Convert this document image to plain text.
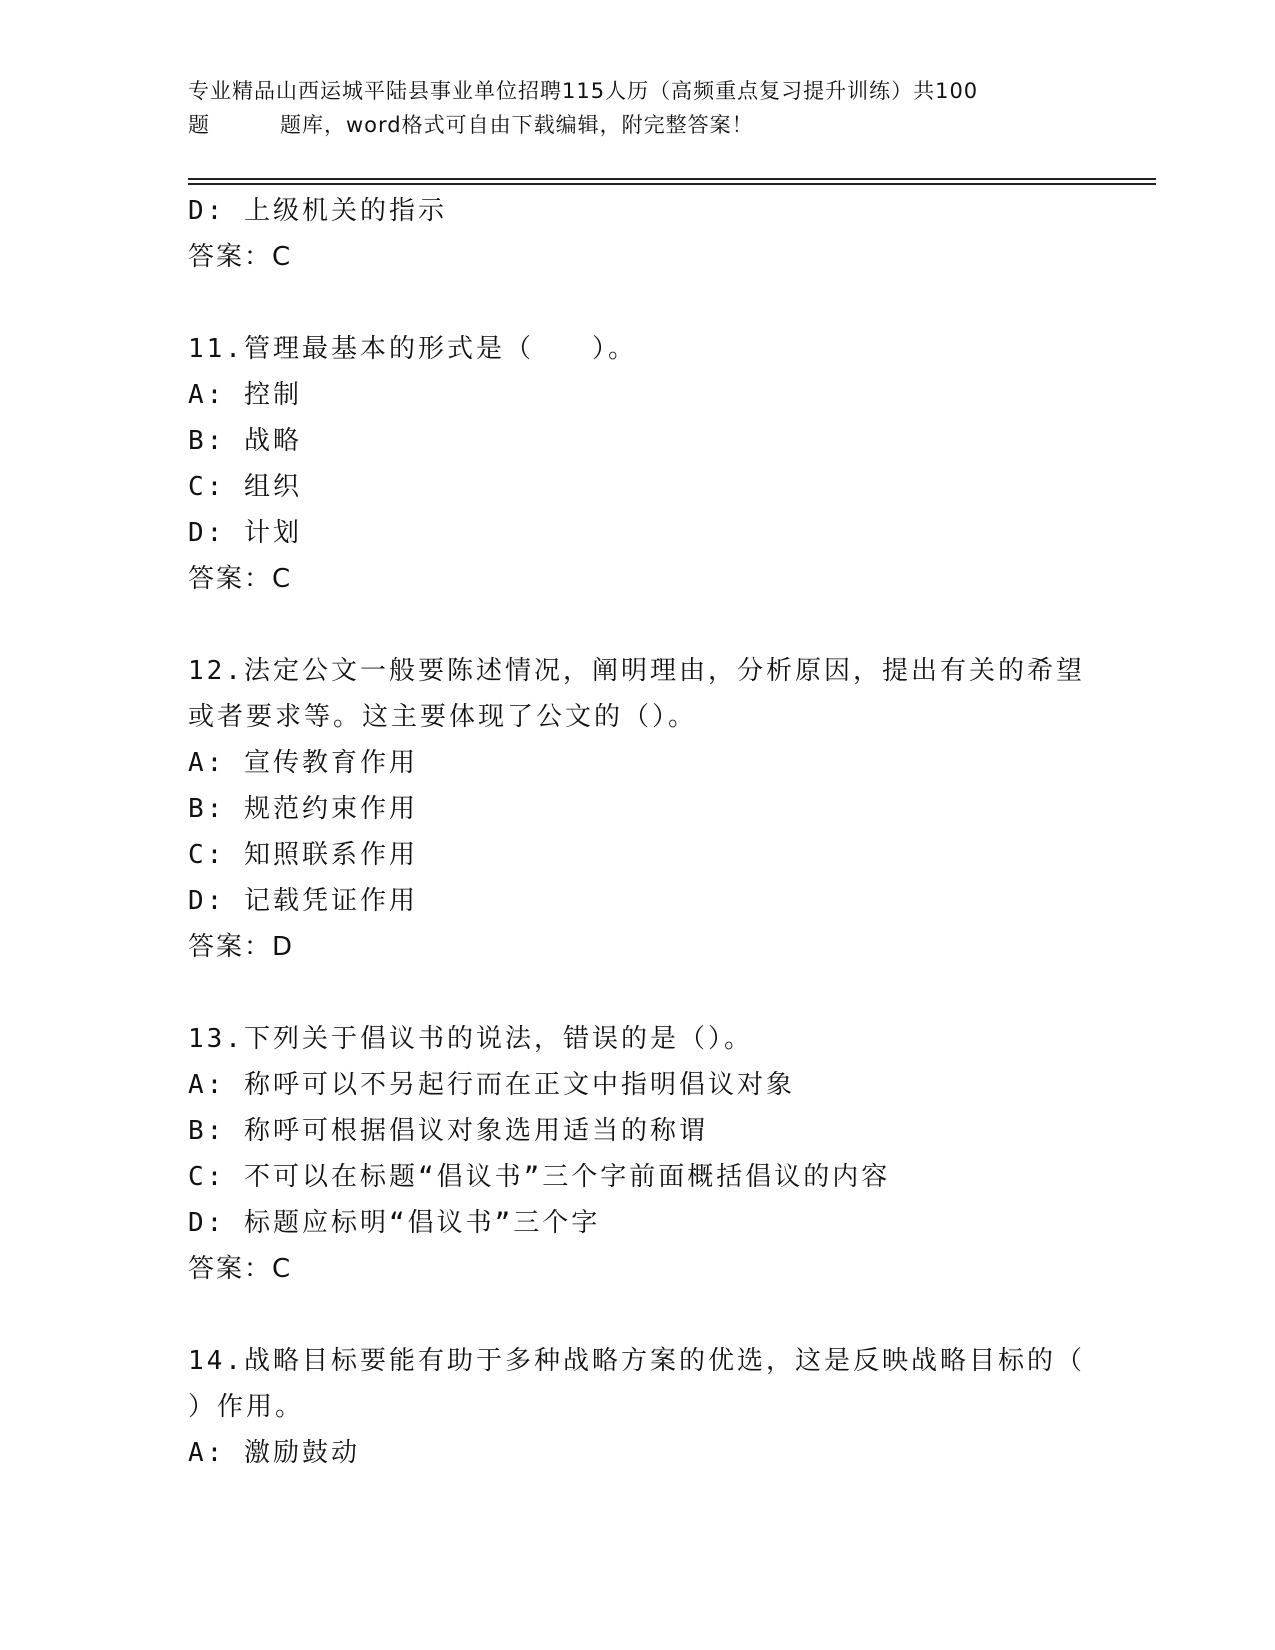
专业精品山西运城平陆县事业单位招聘115人历（高频重点复习提升训练）共100
题	题库，word格式可自由下载编辑，附完整答案！
D: 上级机关的指示
答案：C
11.管理最基本的形式是（　　）。
A: 控制
B: 战略
C: 组织
D: 计划
答案：C
12.法定公文一般要陈述情况，阐明理由，分析原因，提出有关的希望
或者要求等。这主要体现了公文的（）。
A: 宣传教育作用
B: 规范约束作用
C: 知照联系作用
D: 记载凭证作用
答案：D
13.下列关于倡议书的说法，错误的是（）。
A: 称呼可以不另起行而在正文中指明倡议对象
B: 称呼可根据倡议对象选用适当的称谓
C: 不可以在标题“倡议书”三个字前面概括倡议的内容
D: 标题应标明“倡议书”三个字
答案：C
14.战略目标要能有助于多种战略方案的优选，这是反映战略目标的（
）作用。
A: 激励鼓动
